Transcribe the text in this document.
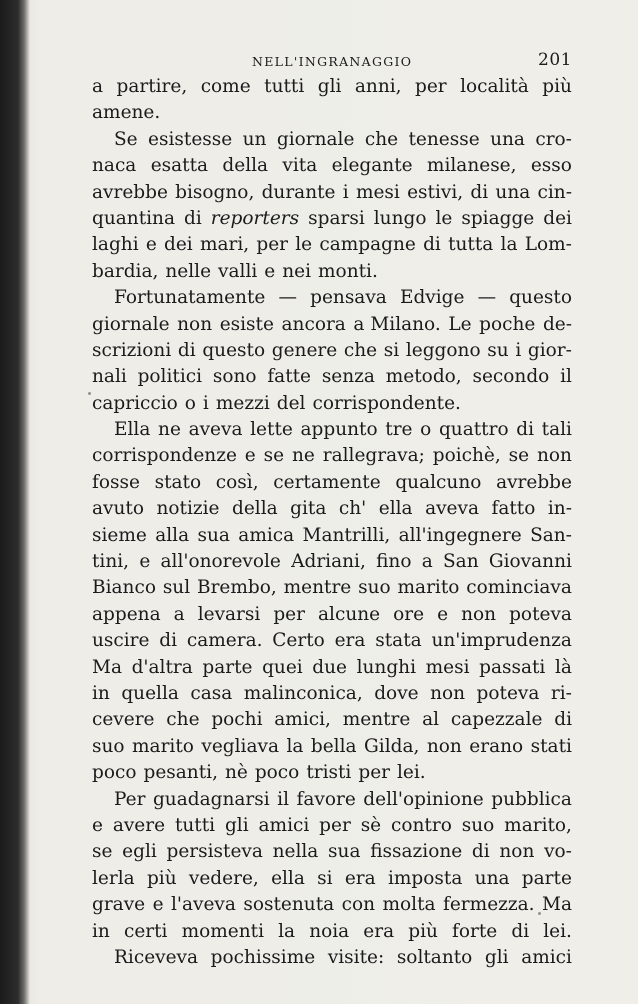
NELL'INGRANAGGIO	201
a partire, come tutti gli anni, per località più
amene.
Se esistesse un giornale che tenesse una cro-
naca esatta della vita elegante milanese, esso
avrebbe bisogno, durante i mesi estivi, di una cin-
quantina di reporters sparsi lungo le spiagge dei
laghi e dei mari, per le campagne di tutta la Lom-
bardia, nelle valli e nei monti.
Fortunatamente — pensava Edvige — questo
giornale non esiste ancora a Milano. Le poche de-
scrizioni di questo genere che si leggono su i gior-
nali politici sono fatte senza metodo, secondo il
capriccio o i mezzi del corrispondente.
Ella ne aveva lette appunto tre o quattro di tali
corrispondenze e se ne rallegrava; poichè, se non
fosse stato così, certamente qualcuno avrebbe
avuto notizie della gita ch' ella aveva fatto in-
sieme alla sua amica Mantrilli, all'ingegnere San-
tini, e all'onorevole Adriani, fino a San Giovanni
Bianco sul Brembo, mentre suo marito cominciava
appena a levarsi per alcune ore e non poteva
uscire di camera. Certo era stata un'imprudenza
Ma d'altra parte quei due lunghi mesi passati là
in quella casa malinconica, dove non poteva ri-
cevere che pochi amici, mentre al capezzale di
suo marito vegliava la bella Gilda, non erano stati
poco pesanti, nè poco tristi per lei.
Per guadagnarsi il favore dell'opinione pubblica
e avere tutti gli amici per sè contro suo marito,
se egli persisteva nella sua fissazione di non vo-
lerla più vedere, ella si era imposta una parte
grave e l'aveva sostenuta con molta fermezza. Ma
in certi momenti la noia era più forte di lei.
Riceveva pochissime visite: soltanto gli amici
